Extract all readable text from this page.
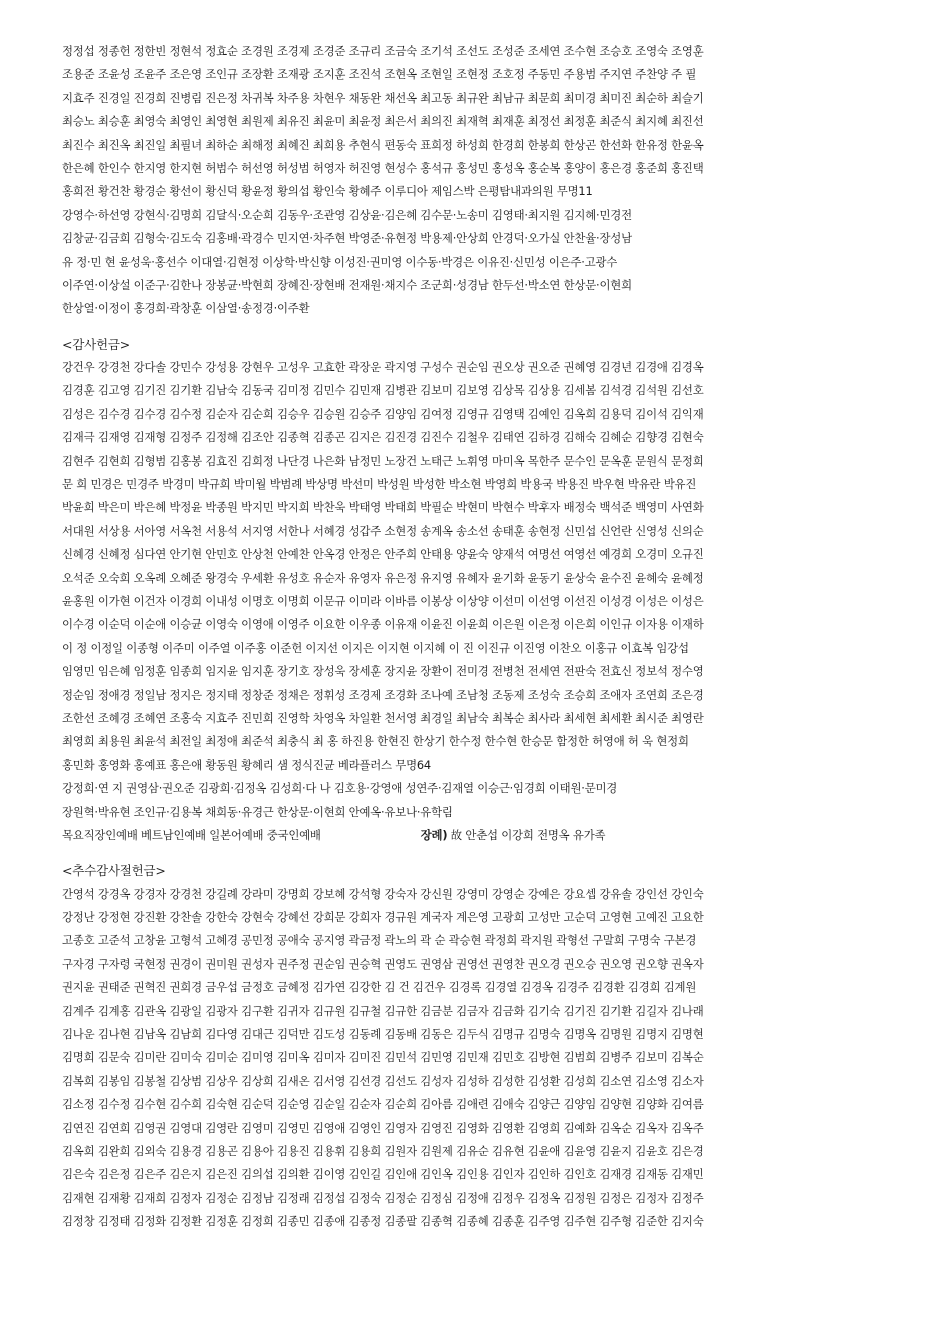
정정섭 정종헌 정한빈 정현석 정효순 조경원 조경제 조경준 조규리 조금숙 조기석 조선도 조성준 조세연 조수현 조승호 조영숙 조영훈
조용준 조윤성 조윤주 조은영 조인규 조장환 조재광 조지훈 조진석 조현옥 조현일 조현정 조호정 주동민 주용범 주지연 주찬양 주 필
지효주 진경일 진경희 진병림 진은정 차귀복 차주용 차현우 채동완 채선옥 최고동 최규완 최남규 최문희 최미경 최미진 최순하 최슬기
최승노 최승훈 최영숙 최영인 최영현 최원제 최유진 최윤미 최윤정 최은서 최의진 최재혁 최재훈 최정선 최정훈 최준식 최지혜 최진선
최진수 최진옥 최진일 최필녀 최하순 최해정 최혜진 최희용 추현식 편동숙 표희정 하성희 한경희 한봉희 한상곤 한선화 한유정 한윤옥
한은혜 한인수 한지영 한지현 허범수 허선영 허성범 허영자 허진영 현성수 홍석규 홍성민 홍성옥 홍순복 홍양이 홍은경 홍준희 홍진택
홍희전 황건찬 황경순 황선이 황신덕 황윤정 황의섭 황인숙 황혜주 이루디아 제임스박 은평탐내과의원 무명11
강영수·하선영 강현식·김명희 김달식·오순희 김동우·조관영 김상윤·김은혜 김수문·노송미 김영태·최지원 김지혜·민경전
김창균·김금희 김형숙·김도숙 김홍배·곽경수 민지연·차주현 박영준·유현정 박용제·안상희 안경덕·오가실 안찬율·장성남
유 정·민 현 윤성욱·홍선수 이대열·김현정 이상학·박신향 이성진·권미영 이수동·박경은 이유진·신민성 이은주·고광수
이주연·이상설 이준구·김한나 장봉균·박현희 장혜진·장현배 전재원·채지수 조군희·성경남 한두선·박소연 한상문·이현희
한상열·이정이 홍경희·곽창훈 이삼열·송정경·이주환
<감사헌금>
강건우 강경천 강다솔 강민수 강성용 강현우 고성우 고효한 곽장운 곽지영 구성수 권순임 권오상 권오준 권혜영 김경년 김경애 김경옥
김경훈 김고영 김기진 김기환 김남숙 김동국 김미정 김민수 김민재 김병관 김보미 김보영 김상목 김상용 김세봄 김석경 김석원 김선호
김성은 김수경 김수경 김수정 김순자 김순희 김승우 김승원 김승주 김양임 김여정 김영규 김영택 김예인 김옥희 김용덕 김이석 김익재
김재극 김재영 김재형 김정주 김정해 김조안 김종혁 김종곤 김지은 김진경 김진수 김철우 김태연 김하경 김해숙 김혜순 김향경 김현숙
김현주 김현희 김형범 김홍봉 김효진 김희정 나단경 나은화 남정민 노장건 노태근 노휘영 마미옥 목한주 문수인 문옥훈 문원식 문정희
문 희 민경은 민경주 박경미 박규희 박미월 박범례 박상명 박선미 박성원 박성한 박소현 박영희 박용국 박용진 박우현 박유란 박유진
박윤희 박은미 박은혜 박정윤 박종원 박지민 박지희 박찬욱 박태영 박태희 박필순 박현미 박현수 박후자 배정숙 백석준 백영미 사연화
서대원 서상용 서아영 서옥천 서용석 서지영 서한나 서혜경 성갑주 소현정 송계옥 송소선 송태훈 송현정 신민섭 신언란 신영성 신의순
신혜경 신혜정 심다연 안기현 안민호 안상천 안예찬 안옥경 안정은 안주희 안태용 양윤숙 양재석 여명선 여영선 예경희 오경미 오규진
오석준 오숙희 오옥례 오혜준 왕경숙 우세환 유성호 유순자 유영자 유은정 유지영 유혜자 윤기화 윤동기 윤상숙 윤수진 윤혜숙 윤혜정
윤홍원 이가현 이건자 이경희 이내성 이명호 이명희 이문규 이미라 이바름 이봉상 이상양 이선미 이선영 이선진 이성경 이성은 이성은
이수경 이순덕 이순애 이승균 이영숙 이영애 이영주 이요한 이우종 이유재 이윤진 이윤희 이은원 이은정 이은희 이인규 이자용 이재하
이 정 이정일 이종형 이주미 이주열 이주홍 이준헌 이지선 이지은 이지현 이지혜 이 진 이진규 이진영 이찬오 이홍규 이효복 임강섭
임영민 임은혜 임정훈 임종희 임지윤 임지훈 장기호 장성욱 장세훈 장지윤 장환이 전미경 전병천 전세연 전판숙 전효신 정보석 정수영
정순임 정애경 정일남 정지은 정지태 정창준 정채은 정휘성 조경제 조경화 조나예 조남청 조동제 조성숙 조승희 조애자 조연희 조은경
조한선 조혜경 조혜연 조홍숙 지효주 진민희 진영학 차영옥 차일환 천서영 최경일 최남숙 최복순 최사라 최세현 최세환 최시준 최영란
최영희 최용원 최윤석 최전일 최정애 최준석 최충식 최 홍 하진용 한현진 한상기 한수정 한수현 한승문 함정한 허영애 허 욱 현정희
홍민화 홍영화 홍예표 홍은애 황동원 황혜리 샘 정식진균 베라플러스 무명64
강정희·연 지 권영삼·권오준 김광희·김정옥 김성희·다 나 김호용·강영애 성연주·김재열 이승근·임경희 이태원·문미경
장원혁·박유현 조인규·김용복 채희동·유경근 한상문·이현희 안예옥·유보나·유학림
목요직장인예배 베트남인예배 일본어예배 중국인예배	장례) 故 안춘섭 이강희 전명옥 유가족
<추수감사절헌금>
간영석 강경옥 강경자 강경천 강길례 강라미 강명희 강보혜 강석형 강숙자 강신원 강영미 강영순 강예은 강요셉 강유솔 강인선 강인숙
강정난 강정현 강진환 강찬솔 강한숙 강현숙 강혜선 강희문 강희자 경규원 계국자 계은영 고광희 고성만 고순덕 고영현 고예진 고요한
고종호 고준석 고창윤 고형석 고혜경 공민정 공애숙 공지영 곽금정 곽노의 곽 순 곽승현 곽정희 곽지원 곽형선 구말희 구명숙 구본경
구자경 구자령 국현정 권경이 권미원 권성자 권주정 권순임 권승혁 권영도 권영삼 권영선 권영찬 권오경 권오승 권오영 권오향 권옥자
권지윤 권태준 권혁진 권희경 금우섭 금정호 금혜정 김가연 김강한 김 건 김건우 김경록 김경열 김경옥 김경주 김경환 김경희 김계원
김계주 김계홍 김관옥 김광일 김광자 김구환 김귀자 김규원 김규철 김규한 김금분 김금자 김금화 김기숙 김기진 김기환 김길자 김나래
김나운 김나현 김남옥 김남희 김다영 김대근 김덕만 김도성 김동례 김동배 김동은 김두식 김명규 김명숙 김명옥 김명원 김명지 김명현
김명희 김문숙 김미란 김미숙 김미순 김미영 김미옥 김미자 김미진 김민석 김민영 김민재 김민호 김방현 김범희 김병주 김보미 김복순
김복희 김봉임 김봉철 김상범 김상우 김상희 김새온 김서영 김선경 김선도 김성자 김성하 김성한 김성환 김성희 김소연 김소영 김소자
김소정 김수정 김수현 김수희 김숙현 김순덕 김순영 김순일 김순자 김순희 김아름 김애련 김애숙 김양근 김양임 김양현 김양화 김여름
김연진 김연희 김영권 김영대 김영란 김영미 김영민 김영애 김영인 김영자 김영진 김영화 김영환 김영희 김예화 김옥순 김옥자 김옥주
김옥희 김완희 김외숙 김용경 김용곤 김용아 김용진 김용휘 김용희 김원자 김원제 김유순 김유현 김윤애 김윤영 김윤지 김윤호 김은경
김은숙 김은정 김은주 김은지 김은진 김의섭 김의환 김이영 김인길 김인애 김인옥 김인용 김인자 김인하 김인호 김재경 김재동 김재민
김재현 김재황 김재희 김정자 김정순 김정남 김정래 김정섭 김정숙 김정순 김정심 김정애 김정우 김정옥 김정원 김정은 김정자 김정주
김정창 김정태 김정화 김정환 김정훈 김정희 김종민 김종애 김종정 김종팔 김종혁 김종혜 김종훈 김주영 김주현 김주형 김준한 김지숙
